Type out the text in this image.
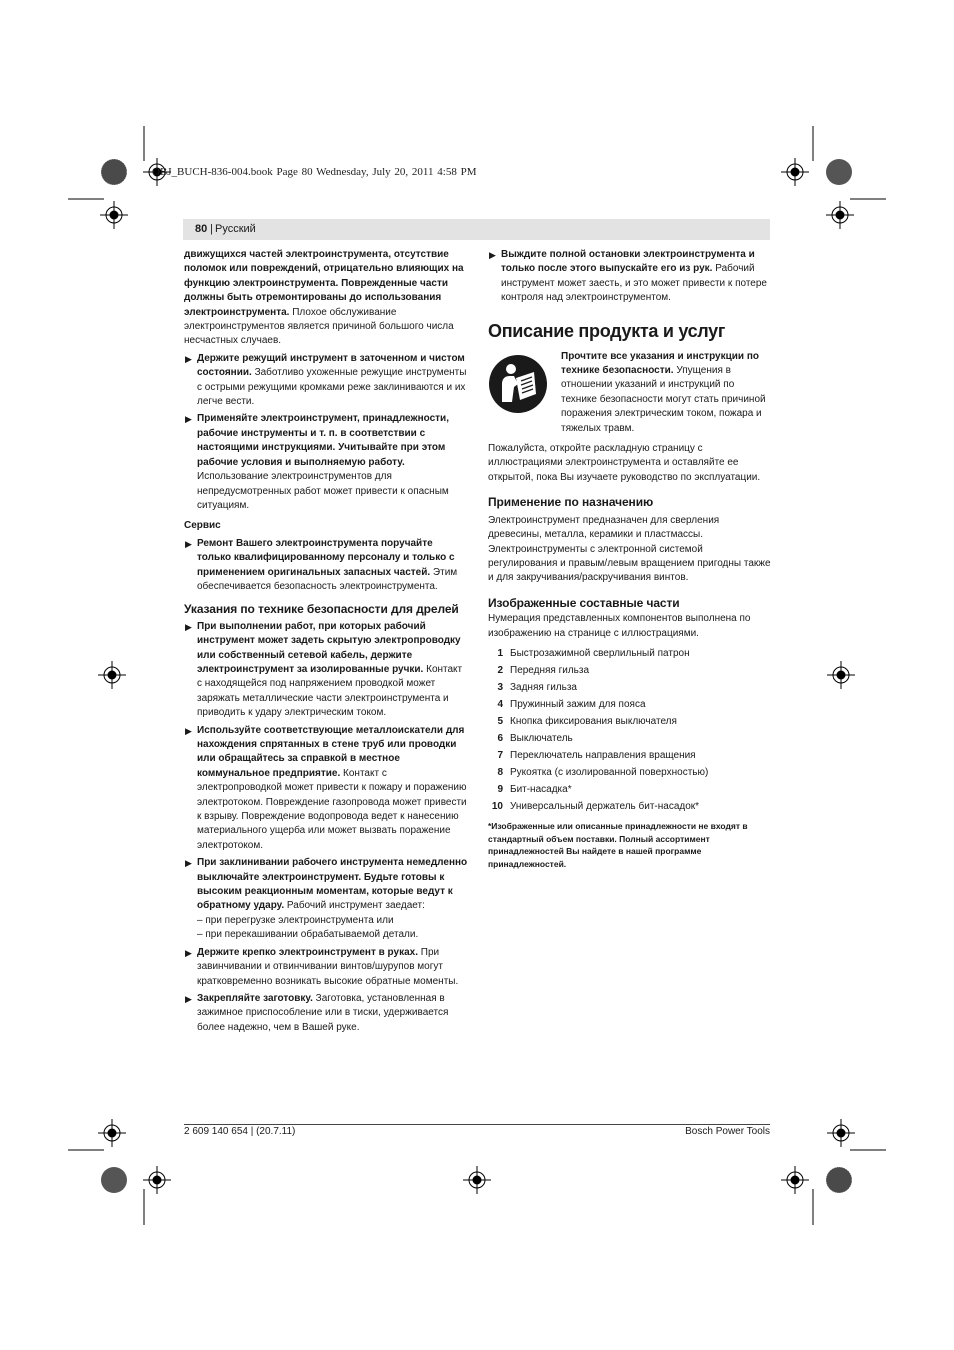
OBJ_BUCH-836-004.book Page 80 Wednesday, July 20, 2011 4:58 PM
80 | Русский

движущихся частей электроинструмента, отсутствие поломок или повреждений, отрицательно влияющих на функцию электроинструмента. Поврежденные части должны быть отремонтированы до использования электроинструмента. Плохое обслуживание электроинструментов является причиной большого числа несчастных случаев.

▶ Держите режущий инструмент в заточенном и чистом состоянии. Заботливо ухоженные режущие инструменты с острыми режущими кромками реже заклиниваются и их легче вести.
▶ Применяйте электроинструмент, принадлежности, рабочие инструменты и т. п. в соответствии с настоящими инструкциями. Учитывайте при этом рабочие условия и выполняемую работу. Использование электроинструментов для непредусмотренных работ может привести к опасным ситуациям.
Сервис
▶ Ремонт Вашего электроинструмента поручайте только квалифицированному персоналу и только с применением оригинальных запасных частей. Этим обеспечивается безопасность электроинструмента.
Указания по технике безопасности для дрелей
▶ При выполнении работ, при которых рабочий инструмент может задеть скрытую электропроводку или собственный сетевой кабель, держите электроинструмент за изолированные ручки. Контакт с находящейся под напряжением проводкой может заряжать металлические части электроинструмента и приводить к удару электрическим током.
▶ Используйте соответствующие металлоискатели для нахождения спрятанных в стене труб или проводки или обращайтесь за справкой в местное коммунальное предприятие. Контакт с электропроводкой может привести к пожару и поражению электротоком. Повреждение газопровода может привести к взрыву. Повреждение водопровода ведет к нанесению материального ущерба или может вызвать поражение электротоком.
▶ При заклинивании рабочего инструмента немедленно выключайте электроинструмент. Будьте готовы к высоким реакционным моментам, которые ведут к обратному удару. Рабочий инструмент заедает:
– при перегрузке электроинструмента или
– при перекашивании обрабатываемой детали.
▶ Держите крепко электроинструмент в руках. При завинчивании и отвинчивании винтов/шурупов могут кратковременно возникать высокие обратные моменты.
▶ Закрепляйте заготовку. Заготовка, установленная в зажимное приспособление или в тиски, удерживается более надежно, чем в Вашей руке.
▶ Выждите полной остановки электроинструмента и только после этого выпускайте его из рук. Рабочий инструмент может заесть, и это может привести к потере контроля над электроинструментом.
Описание продукта и услуг
Прочтите все указания и инструкции по технике безопасности. Упущения в отношении указаний и инструкций по технике безопасности могут стать причиной поражения электрическим током, пожара и тяжелых травм.

Пожалуйста, откройте раскладную страницу с иллюстрациями электроинструмента и оставляйте ее открытой, пока Вы изучаете руководство по эксплуатации.

Применение по назначению

Электроинструмент предназначен для сверления древесины, металла, керамики и пластмассы. Электроинструменты с электронной системой регулирования и правым/левым вращением пригодны также и для закручивания/раскручивания винтов.

Изображенные составные части

Нумерация представленных компонентов выполнена по изображению на странице с иллюстрациями.

1 Быстрозажимной сверлильный патрон
2 Передняя гильза
3 Задняя гильза
4 Пружинный зажим для пояса
5 Кнопка фиксирования выключателя
6 Выключатель
7 Переключатель направления вращения
8 Рукоятка (с изолированной поверхностью)
9 Бит-насадка*
10 Универсальный держатель бит-насадок*

*Изображенные или описанные принадлежности не входят в стандартный объем поставки. Полный ассортимент принадлежностей Вы найдете в нашей программе принадлежностей.

2 609 140 654 | (20.7.11)	Bosch Power Tools
